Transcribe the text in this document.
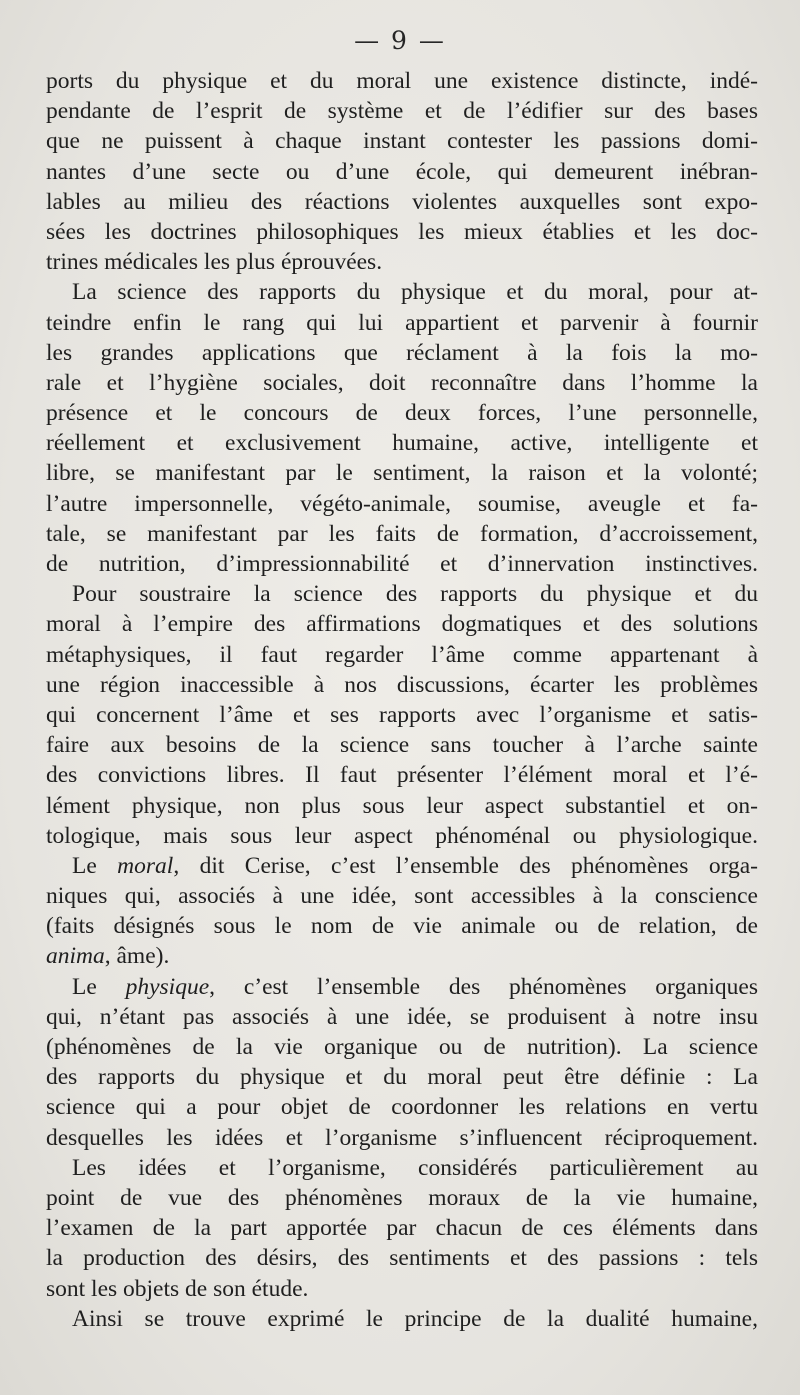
— 9 —
ports du physique et du moral une existence distincte, indé-
pendante de l’esprit de système et de l’édifier sur des bases
que ne puissent à chaque instant contester les passions domi-
nantes d’une secte ou d’une école, qui demeurent inébran-
lables au milieu des réactions violentes auxquelles sont expo-
sées les doctrines philosophiques les mieux établies et les doc-
trines médicales les plus éprouvées.
La science des rapports du physique et du moral, pour at-
teindre enfin le rang qui lui appartient et parvenir à fournir
les grandes applications que réclament à la fois la mo-
rale et l’hygiène sociales, doit reconnaître dans l’homme la
présence et le concours de deux forces, l’une personnelle,
réellement et exclusivement humaine, active, intelligente et
libre, se manifestant par le sentiment, la raison et la volonté;
l’autre impersonnelle, végéto-animale, soumise, aveugle et fa-
tale, se manifestant par les faits de formation, d’accroissement,
de nutrition, d’impressionnabilité et d’innervation instinctives.
Pour soustraire la science des rapports du physique et du
moral à l’empire des affirmations dogmatiques et des solutions
métaphysiques, il faut regarder l’âme comme appartenant à
une région inaccessible à nos discussions, écarter les problèmes
qui concernent l’âme et ses rapports avec l’organisme et satis-
faire aux besoins de la science sans toucher à l’arche sainte
des convictions libres. Il faut présenter l’élément moral et l’é-
lément physique, non plus sous leur aspect substantiel et on-
tologique, mais sous leur aspect phénoménal ou physiologique.
Le moral, dit Cerise, c’est l’ensemble des phénomènes orga-
niques qui, associés à une idée, sont accessibles à la conscience
(faits désignés sous le nom de vie animale ou de relation, de
anima, âme).
Le physique, c’est l’ensemble des phénomènes organiques
qui, n’étant pas associés à une idée, se produisent à notre insu
(phénomènes de la vie organique ou de nutrition). La science
des rapports du physique et du moral peut être définie : La
science qui a pour objet de coordonner les relations en vertu
desquelles les idées et l’organisme s’influencent réciproquement.
Les idées et l’organisme, considérés particulièrement au
point de vue des phénomènes moraux de la vie humaine,
l’examen de la part apportée par chacun de ces éléments dans
la production des désirs, des sentiments et des passions : tels
sont les objets de son étude.
Ainsi se trouve exprimé le principe de la dualité humaine,
